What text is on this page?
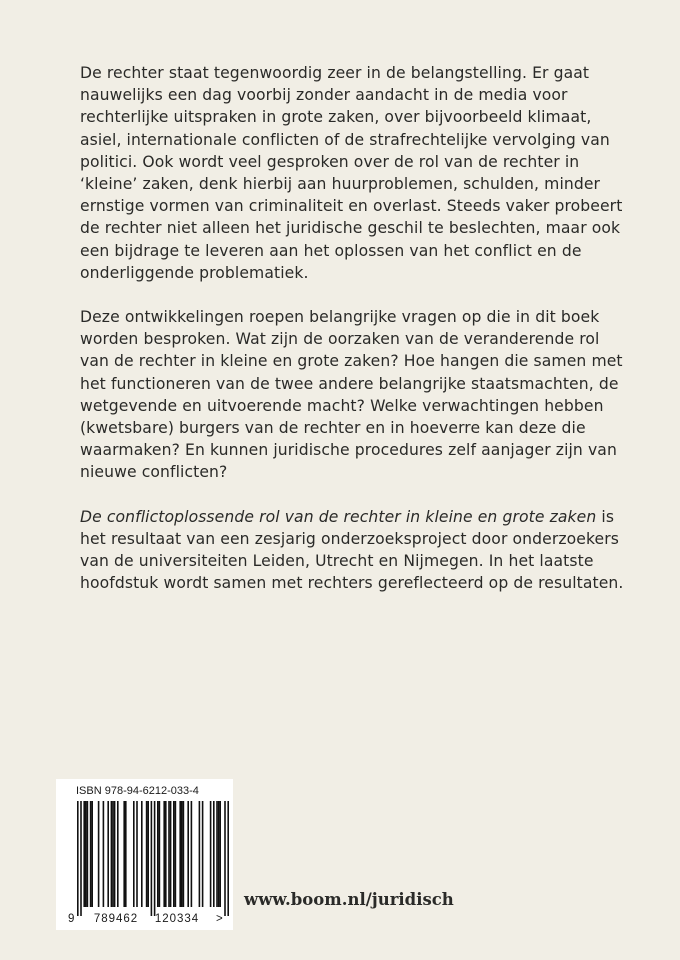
De rechter staat tegenwoordig zeer in de belangstelling. Er gaat nauwelijks een dag voorbij zonder aandacht in de media voor rechterlijke uitspraken in grote zaken, over bijvoorbeeld klimaat, asiel, internationale conflicten of de strafrechtelijke vervolging van politici. Ook wordt veel gesproken over de rol van de rechter in ‘kleine’ zaken, denk hierbij aan huurproblemen, schulden, minder ernstige vormen van criminaliteit en overlast. Steeds vaker probeert de rechter niet alleen het juridische geschil te beslechten, maar ook een bijdrage te leveren aan het oplossen van het conflict en de onderliggende problematiek.

Deze ontwikkelingen roepen belangrijke vragen op die in dit boek worden besproken. Wat zijn de oorzaken van de veranderende rol van de rechter in kleine en grote zaken? Hoe hangen die samen met het functioneren van de twee andere belangrijke staatsmachten, de wetgevende en uitvoerende macht? Welke verwachtingen hebben (kwetsbare) burgers van de rechter en in hoeverre kan deze die waarmaken? En kunnen juridische procedures zelf aanjager zijn van nieuwe conflicten?

De conflictoplossende rol van de rechter in kleine en grote zaken is het resultaat van een zesjarig onderzoeksproject door onderzoekers van de universiteiten Leiden, Utrecht en Nijmegen. In het laatste hoofdstuk wordt samen met rechters gereflecteerd op de resultaten.

ISBN 978-94-6212-033-4
9 789462 120334 >
www.boom.nl/juridisch
